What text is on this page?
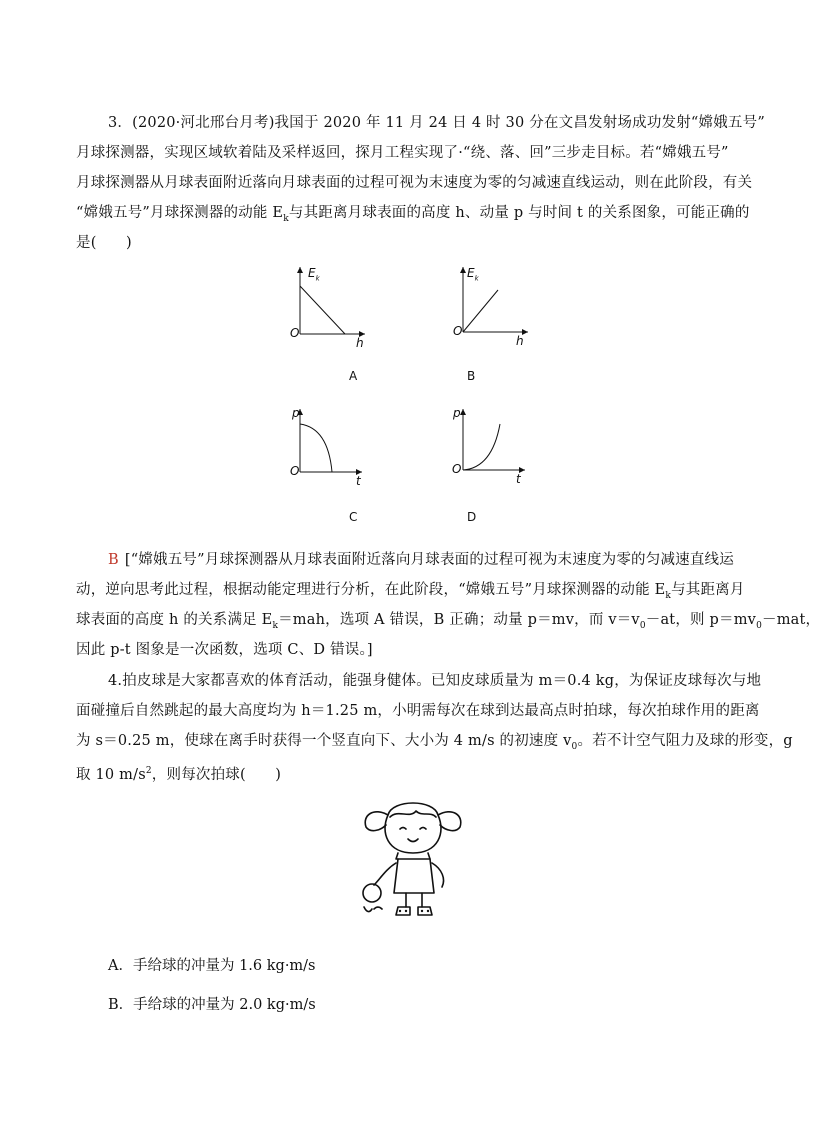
3．(2020·河北邢台月考)我国于 2020 年 11 月 24 日 4 时 30 分在文昌发射场成功发射“嫦娥五号”
月球探测器，实现区域软着陆及采样返回，探月工程实现了·“绕、落、回”三步走目标。若“嫦娥五号”
月球探测器从月球表面附近落向月球表面的过程可视为末速度为零的匀减速直线运动，则在此阶段，有关
“嫦娥五号”月球探测器的动能 $E_k$与其距离月球表面的高度 h、动量 p 与时间 t 的关系图象，可能正确的
是(　　)
$E_k$
O
h
A
$E_k$
O
h
B
p
O
t
C
p
O
t
D
B [“嫦娥五号”月球探测器从月球表面附近落向月球表面的过程可视为末速度为零的匀减速直线运
动，逆向思考此过程，根据动能定理进行分析，在此阶段，“嫦娥五号”月球探测器的动能 $E_k$与其距离月
球表面的高度 h 的关系满足 $E_k=mah$，选项 A 错误，B 正确；动量 p＝mv，而 $v=v_0-at$，则 $p=mv_0-mat$，
因此 p-t 图象是一次函数，选项 C、D 错误。]
4.拍皮球是大家都喜欢的体育活动，能强身健体。已知皮球质量为 m＝0.4 kg，为保证皮球每次与地
面碰撞后自然跳起的最大高度均为 h＝1.25 m，小明需每次在球到达最高点时拍球，每次拍球作用的距离
为 s＝0.25 m，使球在离手时获得一个竖直向下、大小为 4 m/s 的初速度 $v_0$。若不计空气阻力及球的形变，g
取 10 $m/s^2$，则每次拍球(　　)
A．手给球的冲量为 1.6 kg·m/s
B．手给球的冲量为 2.0 kg·m/s
